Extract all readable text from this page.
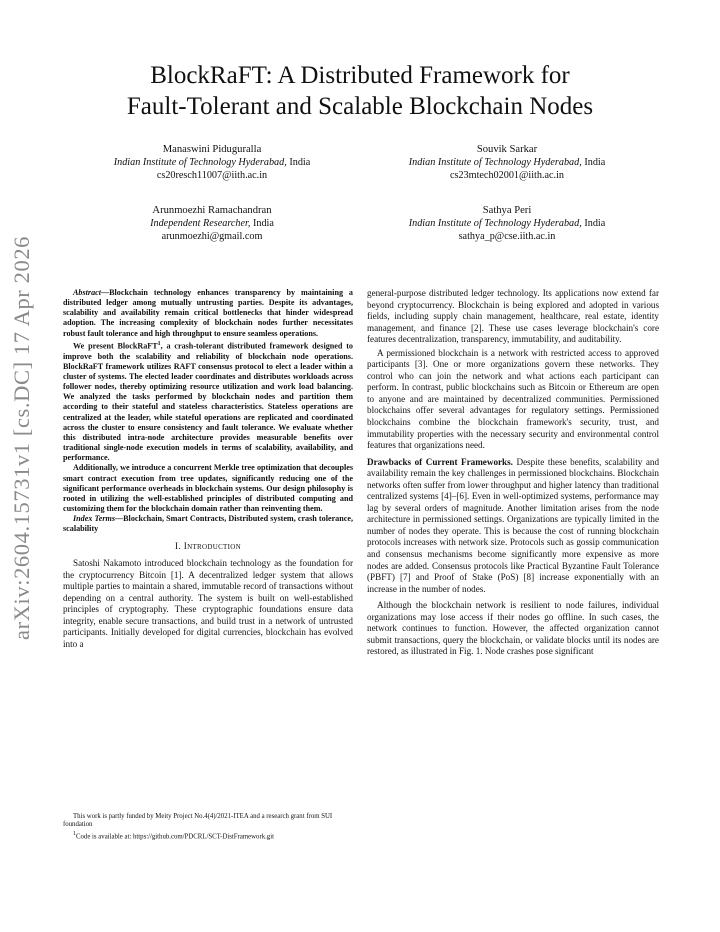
arXiv:2604.15731v1 [cs.DC] 17 Apr 2026
BlockRaFT: A Distributed Framework for
Fault-Tolerant and Scalable Blockchain Nodes
Manaswini Piduguralla
Indian Institute of Technology Hyderabad, India
cs20resch11007@iith.ac.in
Souvik Sarkar
Indian Institute of Technology Hyderabad, India
cs23mtech02001@iith.ac.in
Arunmoezhi Ramachandran
Independent Researcher, India
arunmoezhi@gmail.com
Sathya Peri
Indian Institute of Technology Hyderabad, India
sathya_p@cse.iith.ac.in

Abstract—Blockchain technology enhances transparency by maintaining a distributed ledger among mutually untrusting parties. Despite its advantages, scalability and availability remain critical bottlenecks that hinder widespread adoption. The increasing complexity of blockchain nodes further necessitates robust fault tolerance and high throughput to ensure seamless operations.

We present BlockRaFT$^1$, a crash-tolerant distributed framework designed to improve both the scalability and reliability of blockchain node operations. BlockRaFT framework utilizes RAFT consensus protocol to elect a leader within a cluster of systems. The elected leader coordinates and distributes workloads across follower nodes, thereby optimizing resource utilization and work load balancing. We analyzed the tasks performed by blockchain nodes and partition them according to their stateful and stateless characteristics. Stateless operations are centralized at the leader, while stateful operations are replicated and coordinated across the cluster to ensure consistency and fault tolerance. We evaluate whether this distributed intra-node architecture provides measurable benefits over traditional single-node execution models in terms of scalability, availability, and performance.

Additionally, we introduce a concurrent Merkle tree optimization that decouples smart contract execution from tree updates, significantly reducing one of the significant performance overheads in blockchain systems. Our design philosophy is rooted in utilizing the well-established principles of distributed computing and customizing them for the blockchain domain rather than reinventing them.

Index Terms—Blockchain, Smart Contracts, Distributed system, crash tolerance, scalability

I. Introduction

Satoshi Nakamoto introduced blockchain technology as the foundation for the cryptocurrency Bitcoin [1]. A decentralized ledger system that allows multiple parties to maintain a shared, immutable record of transactions without depending on a central authority. The system is built on well-established principles of cryptography. These cryptographic foundations ensure data integrity, enable secure transactions, and build trust in a network of untrusted participants. Initially developed for digital currencies, blockchain has evolved into a

This work is partly funded by Meity Project No.4(4)/2021-ITEA and a research grant from SUI foundation

$^1$Code is available at: https://github.com/PDCRL/SCT-DistFramework.git

general-purpose distributed ledger technology. Its applications now extend far beyond cryptocurrency. Blockchain is being explored and adopted in various fields, including supply chain management, healthcare, real estate, identity management, and finance [2]. These use cases leverage blockchain's core features decentralization, transparency, immutability, and auditability.

A permissioned blockchain is a network with restricted access to approved participants [3]. One or more organizations govern these networks. They control who can join the network and what actions each participant can perform. In contrast, public blockchains such as Bitcoin or Ethereum are open to anyone and are maintained by decentralized communities. Permissioned blockchains offer several advantages for regulatory settings. Permissioned blockchains combine the blockchain framework's security, trust, and immutability properties with the necessary security and environmental control features that organizations need.

Drawbacks of Current Frameworks. Despite these benefits, scalability and availability remain the key challenges in permissioned blockchains. Blockchain networks often suffer from lower throughput and higher latency than traditional centralized systems [4]–[6]. Even in well-optimized systems, performance may lag by several orders of magnitude. Another limitation arises from the node architecture in permissioned settings. Organizations are typically limited in the number of nodes they operate. This is because the cost of running blockchain protocols increases with network size. Protocols such as gossip communication and consensus mechanisms become significantly more expensive as more nodes are added. Consensus protocols like Practical Byzantine Fault Tolerance (PBFT) [7] and Proof of Stake (PoS) [8] increase exponentially with an increase in the number of nodes.

Although the blockchain network is resilient to node failures, individual organizations may lose access if their nodes go offline. In such cases, the network continues to function. However, the affected organization cannot submit transactions, query the blockchain, or validate blocks until its nodes are restored, as illustrated in Fig. 1. Node crashes pose significant
